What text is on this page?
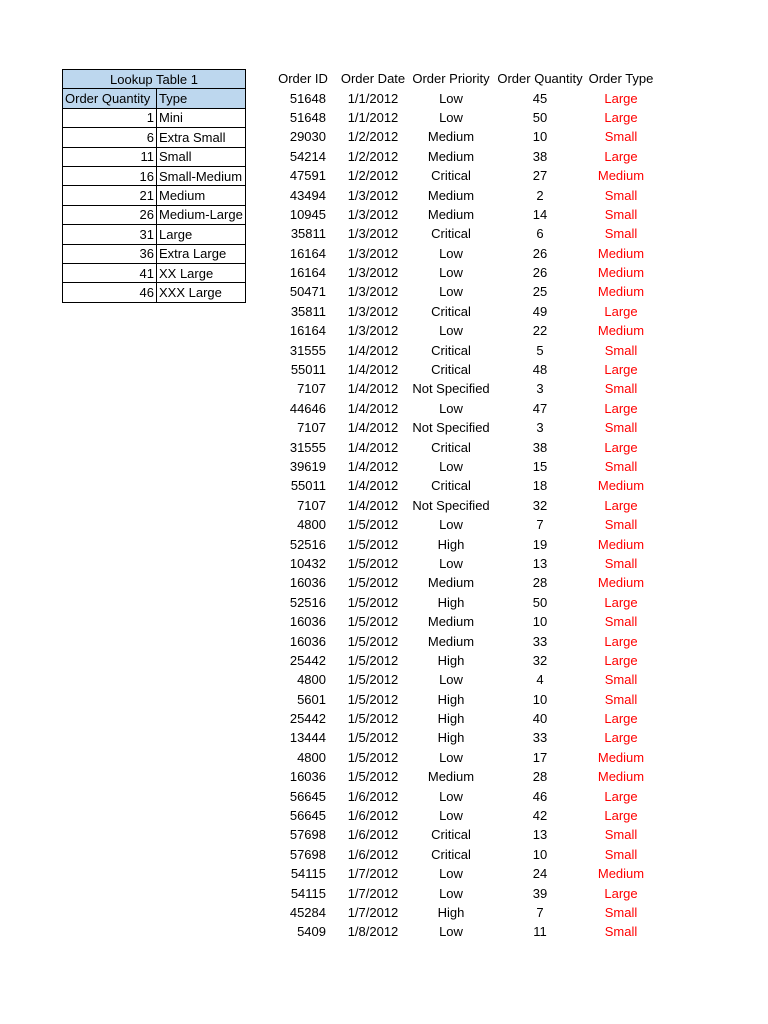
Lookup Table 1	
Order Quantity	Type
1	Mini
6	Extra Small
11	Small
16	Small-Medium
21	Medium
26	Medium-Large
31	Large
36	Extra Large
41	XX Large
46	XXX Large
Order ID	Order Date	Order Priority	Order Quantity	Order Type
51648	1/1/2012	Low	45	Large
51648	1/1/2012	Low	50	Large
29030	1/2/2012	Medium	10	Small
54214	1/2/2012	Medium	38	Large
47591	1/2/2012	Critical	27	Medium
43494	1/3/2012	Medium	2	Small
10945	1/3/2012	Medium	14	Small
35811	1/3/2012	Critical	6	Small
16164	1/3/2012	Low	26	Medium
16164	1/3/2012	Low	26	Medium
50471	1/3/2012	Low	25	Medium
35811	1/3/2012	Critical	49	Large
16164	1/3/2012	Low	22	Medium
31555	1/4/2012	Critical	5	Small
55011	1/4/2012	Critical	48	Large
7107	1/4/2012	Not Specified	3	Small
44646	1/4/2012	Low	47	Large
7107	1/4/2012	Not Specified	3	Small
31555	1/4/2012	Critical	38	Large
39619	1/4/2012	Low	15	Small
55011	1/4/2012	Critical	18	Medium
7107	1/4/2012	Not Specified	32	Large
4800	1/5/2012	Low	7	Small
52516	1/5/2012	High	19	Medium
10432	1/5/2012	Low	13	Small
16036	1/5/2012	Medium	28	Medium
52516	1/5/2012	High	50	Large
16036	1/5/2012	Medium	10	Small
16036	1/5/2012	Medium	33	Large
25442	1/5/2012	High	32	Large
4800	1/5/2012	Low	4	Small
5601	1/5/2012	High	10	Small
25442	1/5/2012	High	40	Large
13444	1/5/2012	High	33	Large
4800	1/5/2012	Low	17	Medium
16036	1/5/2012	Medium	28	Medium
56645	1/6/2012	Low	46	Large
56645	1/6/2012	Low	42	Large
57698	1/6/2012	Critical	13	Small
57698	1/6/2012	Critical	10	Small
54115	1/7/2012	Low	24	Medium
54115	1/7/2012	Low	39	Large
45284	1/7/2012	High	7	Small
5409	1/8/2012	Low	11	Small
